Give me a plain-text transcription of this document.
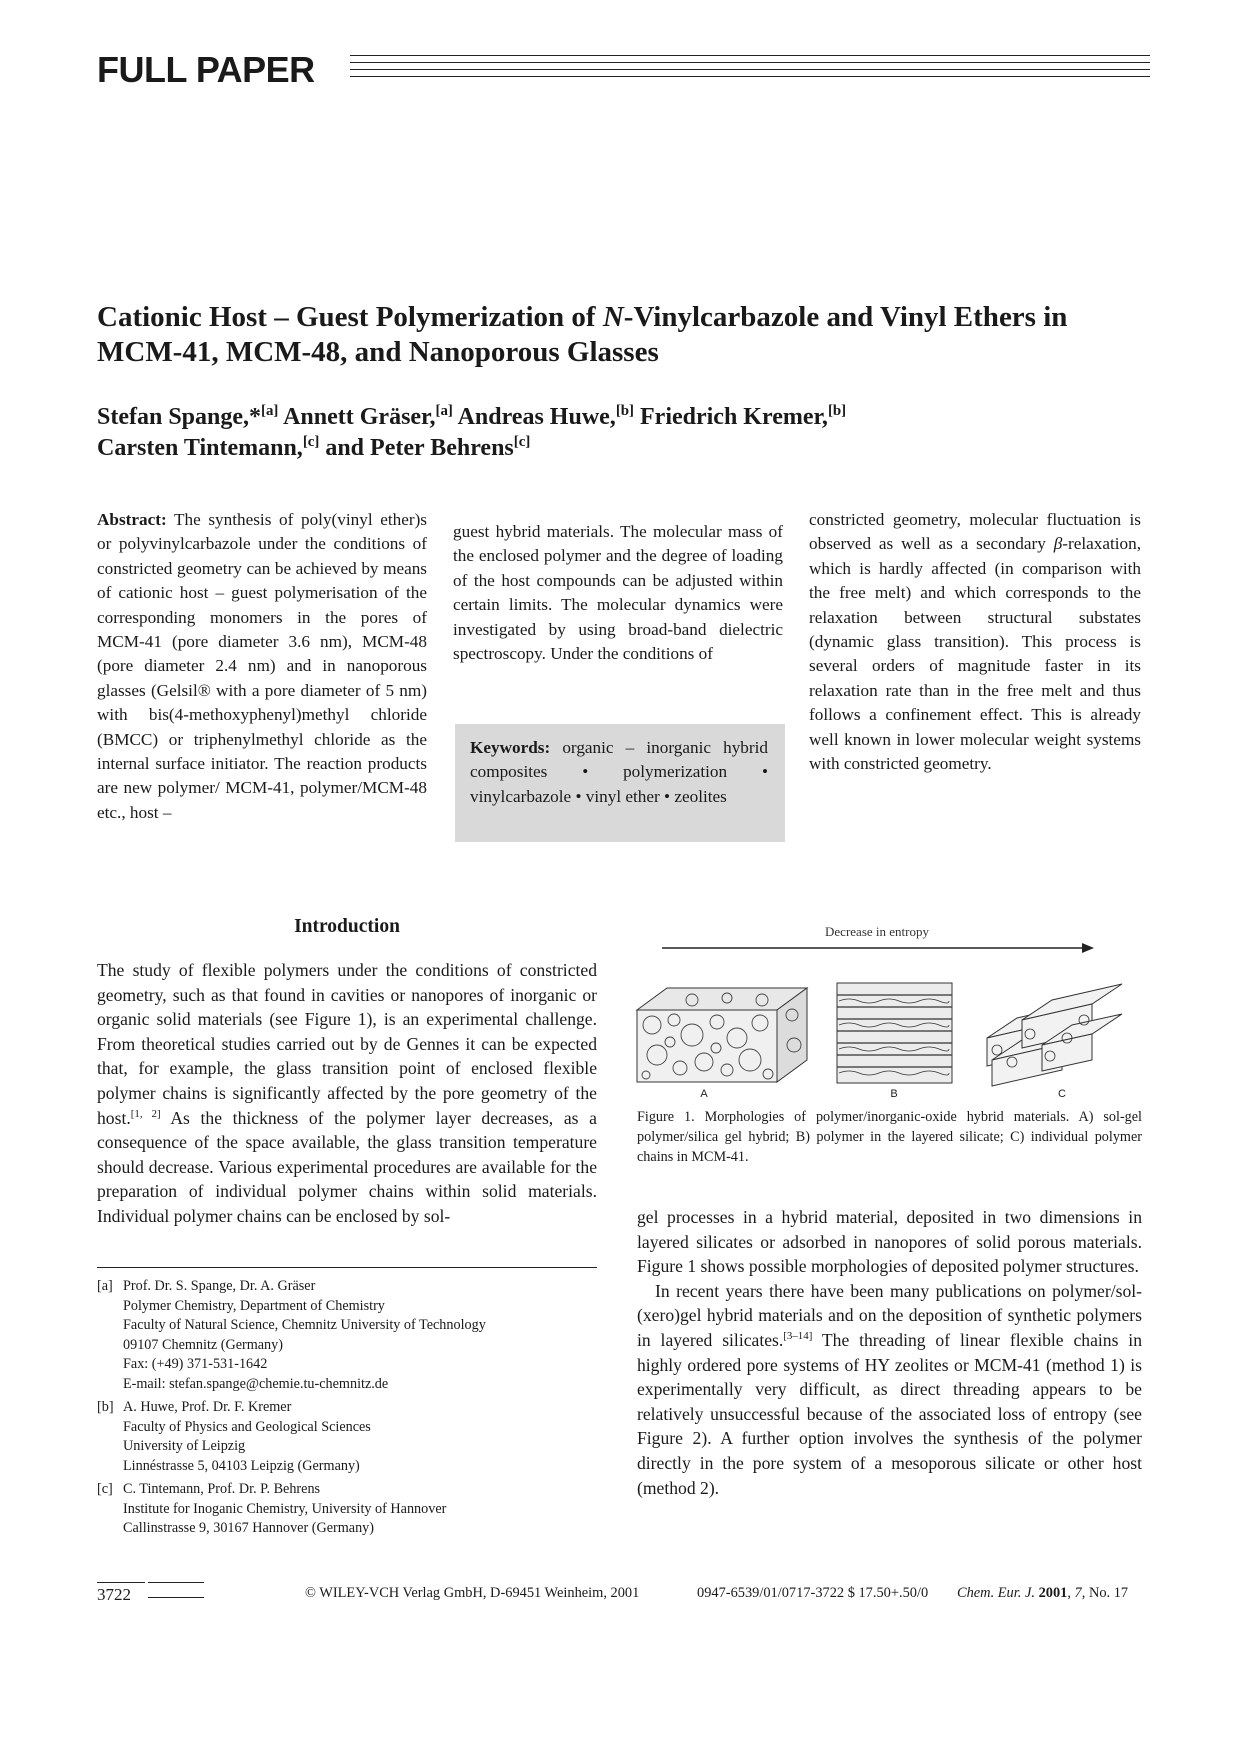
FULL PAPER
Cationic Host – Guest Polymerization of N-Vinylcarbazole and Vinyl Ethers in MCM-41, MCM-48, and Nanoporous Glasses
Stefan Spange,*[a] Annett Gräser,[a] Andreas Huwe,[b] Friedrich Kremer,[b]
Carsten Tintemann,[c] and Peter Behrens[c]
Abstract: The synthesis of poly(vinyl ether)s or polyvinylcarbazole under the conditions of constricted geometry can be achieved by means of cationic host – guest polymerisation of the corresponding monomers in the pores of MCM-41 (pore diameter 3.6 nm), MCM-48 (pore diameter 2.4 nm) and in nanoporous glasses (Gelsil® with a pore diameter of 5 nm) with bis(4-methoxyphenyl)methyl chloride (BMCC) or triphenylmethyl chloride as the internal surface initiator. The reaction products are new polymer/ MCM-41, polymer/MCM-48 etc., host –
guest hybrid materials. The molecular mass of the enclosed polymer and the degree of loading of the host compounds can be adjusted within certain limits. The molecular dynamics were investigated by using broad-band dielectric spectroscopy. Under the conditions of
Keywords: organic – inorganic hybrid composites • polymerization • vinylcarbazole • vinyl ether • zeolites
constricted geometry, molecular fluctuation is observed as well as a secondary β-relaxation, which is hardly affected (in comparison with the free melt) and which corresponds to the relaxation between structural substates (dynamic glass transition). This process is several orders of magnitude faster in its relaxation rate than in the free melt and thus follows a confinement effect. This is already well known in lower molecular weight systems with constricted geometry.
Introduction
The study of flexible polymers under the conditions of constricted geometry, such as that found in cavities or nanopores of inorganic or organic solid materials (see Figure 1), is an experimental challenge. From theoretical studies carried out by de Gennes it can be expected that, for example, the glass transition point of enclosed flexible polymer chains is significantly affected by the pore geometry of the host.[1, 2] As the thickness of the polymer layer decreases, as a consequence of the space available, the glass transition temperature should decrease. Various experimental procedures are available for the preparation of individual polymer chains within solid materials. Individual polymer chains can be enclosed by sol-
[a] Prof. Dr. S. Spange, Dr. A. Gräser
Polymer Chemistry, Department of Chemistry
Faculty of Natural Science, Chemnitz University of Technology
09107 Chemnitz (Germany)
Fax: (+49) 371-531-1642
E-mail: stefan.spange@chemie.tu-chemnitz.de
[b] A. Huwe, Prof. Dr. F. Kremer
Faculty of Physics and Geological Sciences
University of Leipzig
Linnéstrasse 5, 04103 Leipzig (Germany)
[c] C. Tintemann, Prof. Dr. P. Behrens
Institute for Inoganic Chemistry, University of Hannover
Callinstrasse 9, 30167 Hannover (Germany)
Decrease in entropy
A	B	C
Figure 1. Morphologies of polymer/inorganic-oxide hybrid materials. A) sol-gel polymer/silica gel hybrid; B) polymer in the layered silicate; C) individual polymer chains in MCM-41.
gel processes in a hybrid material, deposited in two dimensions in layered silicates or adsorbed in nanopores of solid porous materials. Figure 1 shows possible morphologies of deposited polymer structures.
In recent years there have been many publications on polymer/sol-(xero)gel hybrid materials and on the deposition of synthetic polymers in layered silicates.[3–14] The threading of linear flexible chains in highly ordered pore systems of HY zeolites or MCM-41 (method 1) is experimentally very difficult, as direct threading appears to be relatively unsuccessful because of the associated loss of entropy (see Figure 2). A further option involves the synthesis of the polymer directly in the pore system of a mesoporous silicate or other host (method 2).
3722	© WILEY-VCH Verlag GmbH, D-69451 Weinheim, 2001	0947-6539/01/0717-3722 $ 17.50+.50/0 Chem. Eur. J. 2001, 7, No. 17
